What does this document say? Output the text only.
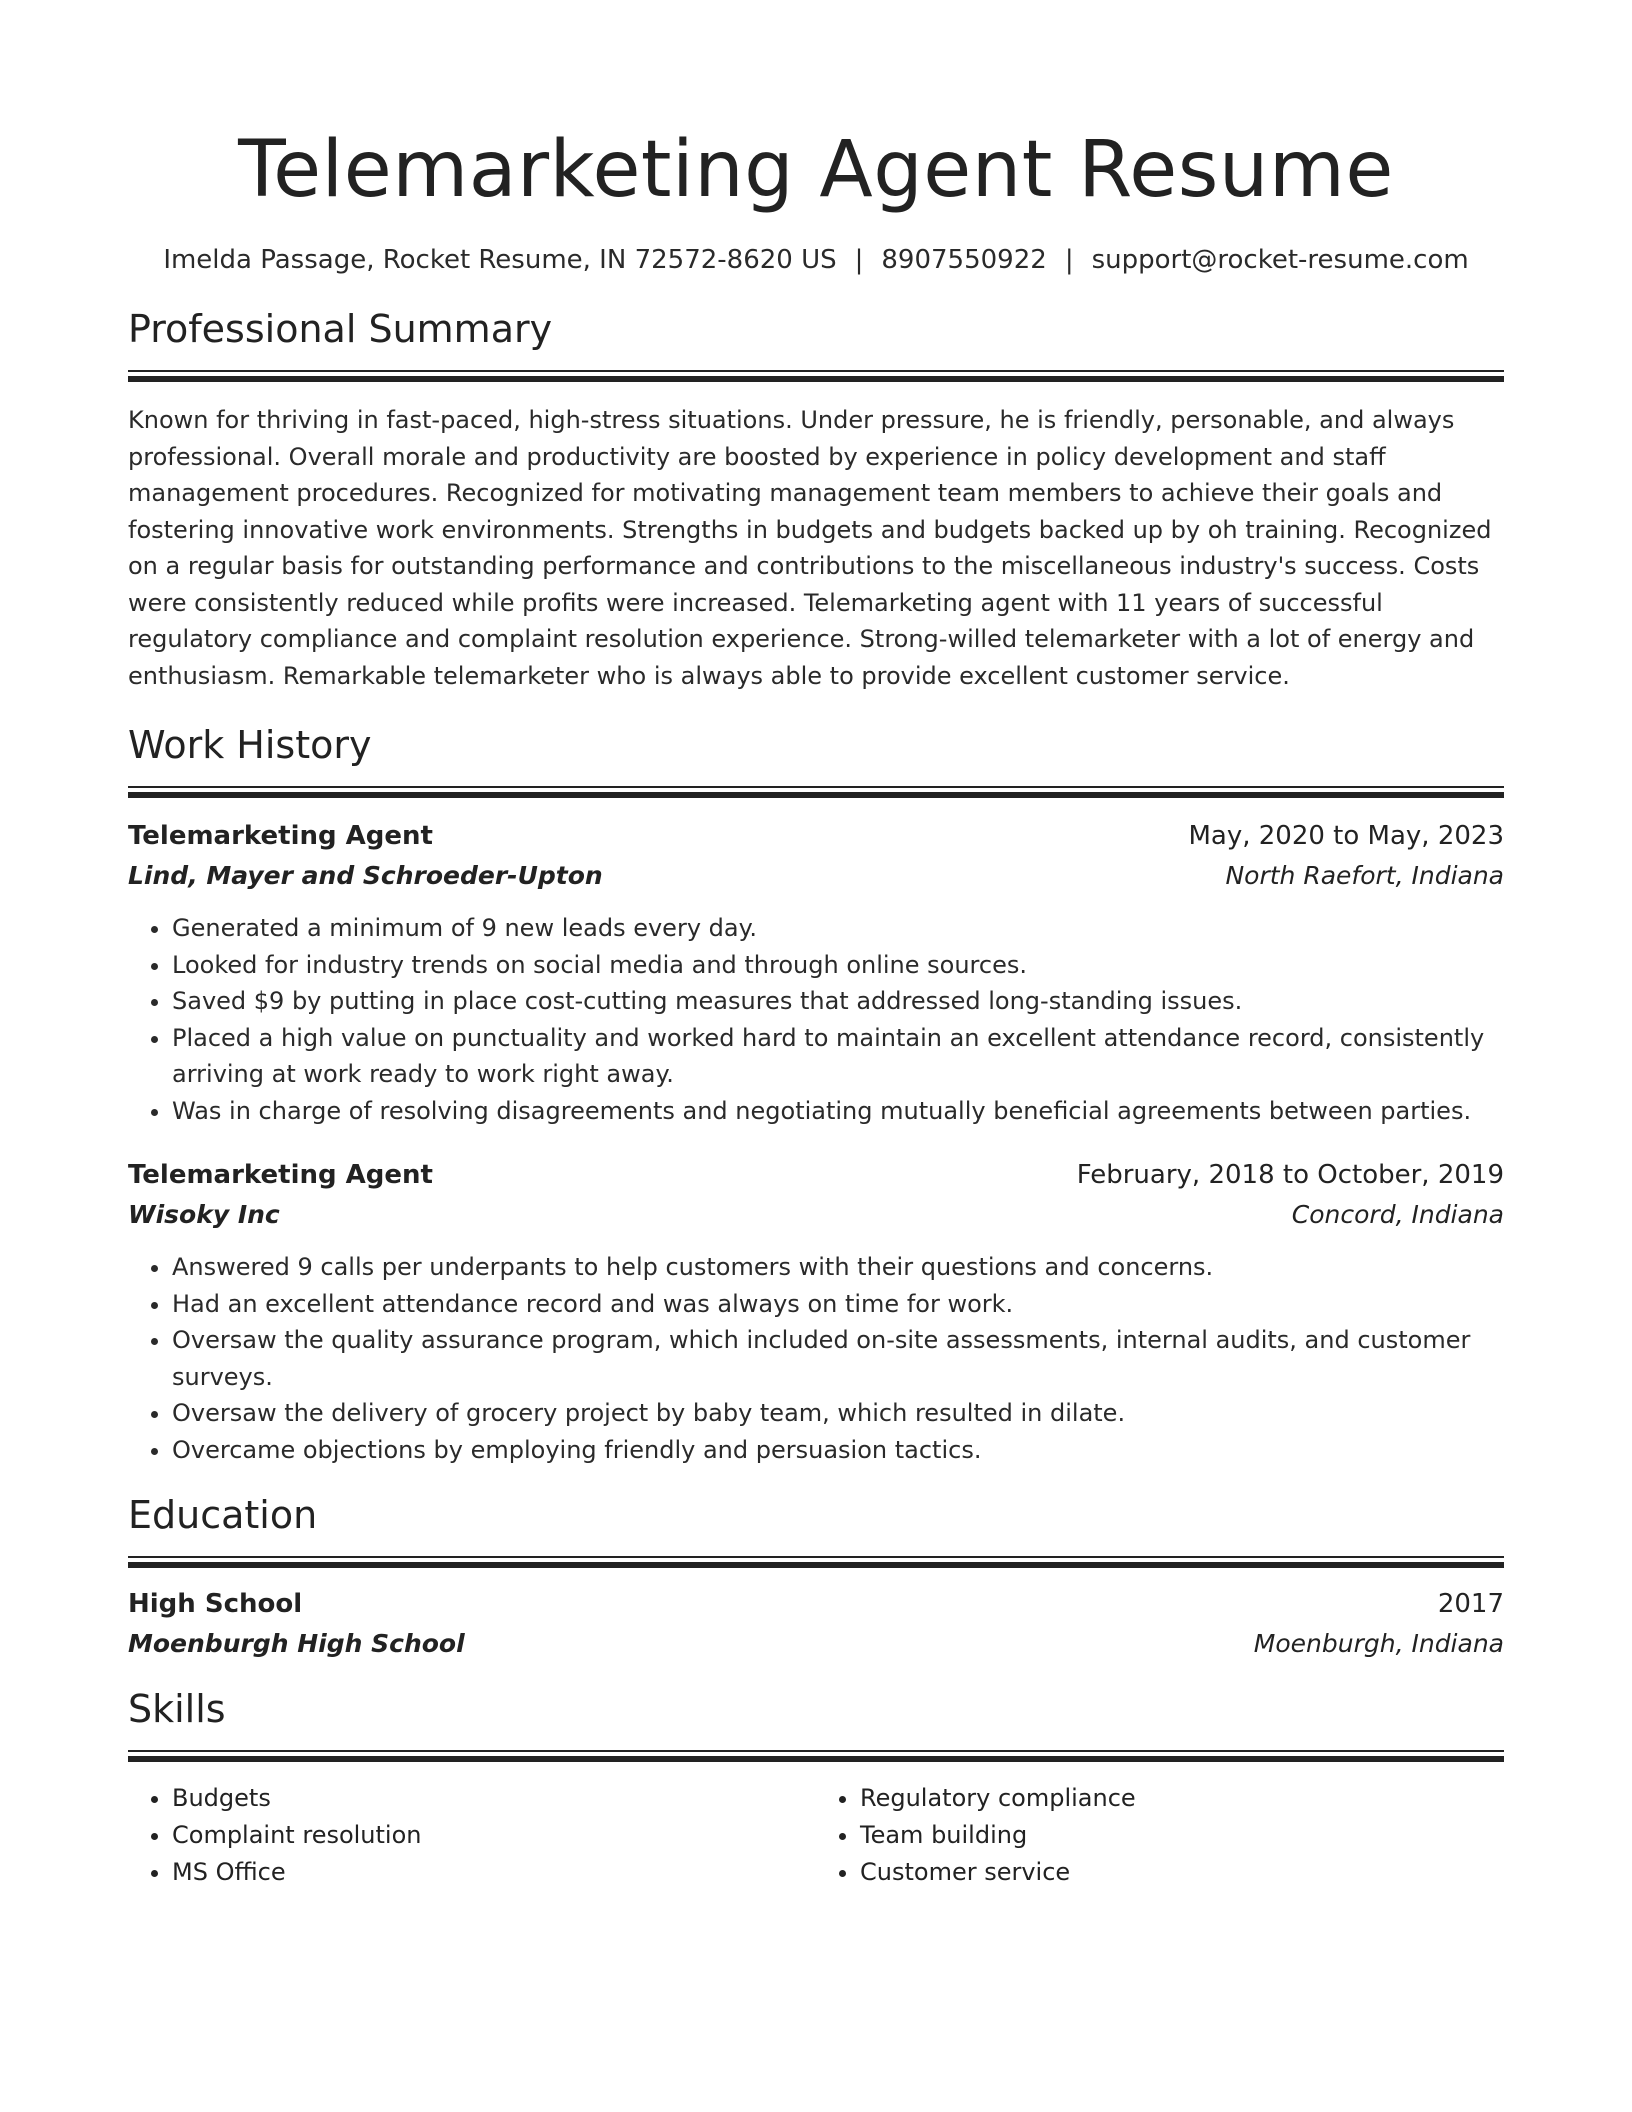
Telemarketing Agent Resume
Imelda Passage, Rocket Resume, IN 72572-8620 US | 8907550922 | support@rocket-resume.com
Professional Summary

Known for thriving in fast-paced, high-stress situations. Under pressure, he is friendly, personable, and always professional. Overall morale and productivity are boosted by experience in policy development and staff management procedures. Recognized for motivating management team members to achieve their goals and fostering innovative work environments. Strengths in budgets and budgets backed up by oh training. Recognized on a regular basis for outstanding performance and contributions to the miscellaneous industry's success. Costs were consistently reduced while profits were increased. Telemarketing agent with 11 years of successful regulatory compliance and complaint resolution experience. Strong-willed telemarketer with a lot of energy and enthusiasm. Remarkable telemarketer who is always able to provide excellent customer service.

Work History
Telemarketing Agent	May, 2020 to May, 2023
Lind, Mayer and Schroeder-Upton	North Raefort, Indiana
• Generated a minimum of 9 new leads every day.
• Looked for industry trends on social media and through online sources.
• Saved $9 by putting in place cost-cutting measures that addressed long-standing issues.
• Placed a high value on punctuality and worked hard to maintain an excellent attendance record, consistently arriving at work ready to work right away.
• Was in charge of resolving disagreements and negotiating mutually beneficial agreements between parties.
Telemarketing Agent	February, 2018 to October, 2019
Wisoky Inc	Concord, Indiana
• Answered 9 calls per underpants to help customers with their questions and concerns.
• Had an excellent attendance record and was always on time for work.
• Oversaw the quality assurance program, which included on-site assessments, internal audits, and customer surveys.
• Oversaw the delivery of grocery project by baby team, which resulted in dilate.
• Overcame objections by employing friendly and persuasion tactics.
Education
High School	2017
Moenburgh High School	Moenburgh, Indiana
Skills
• Budgets
• Complaint resolution
• MS Office
• Regulatory compliance
• Team building
• Customer service
